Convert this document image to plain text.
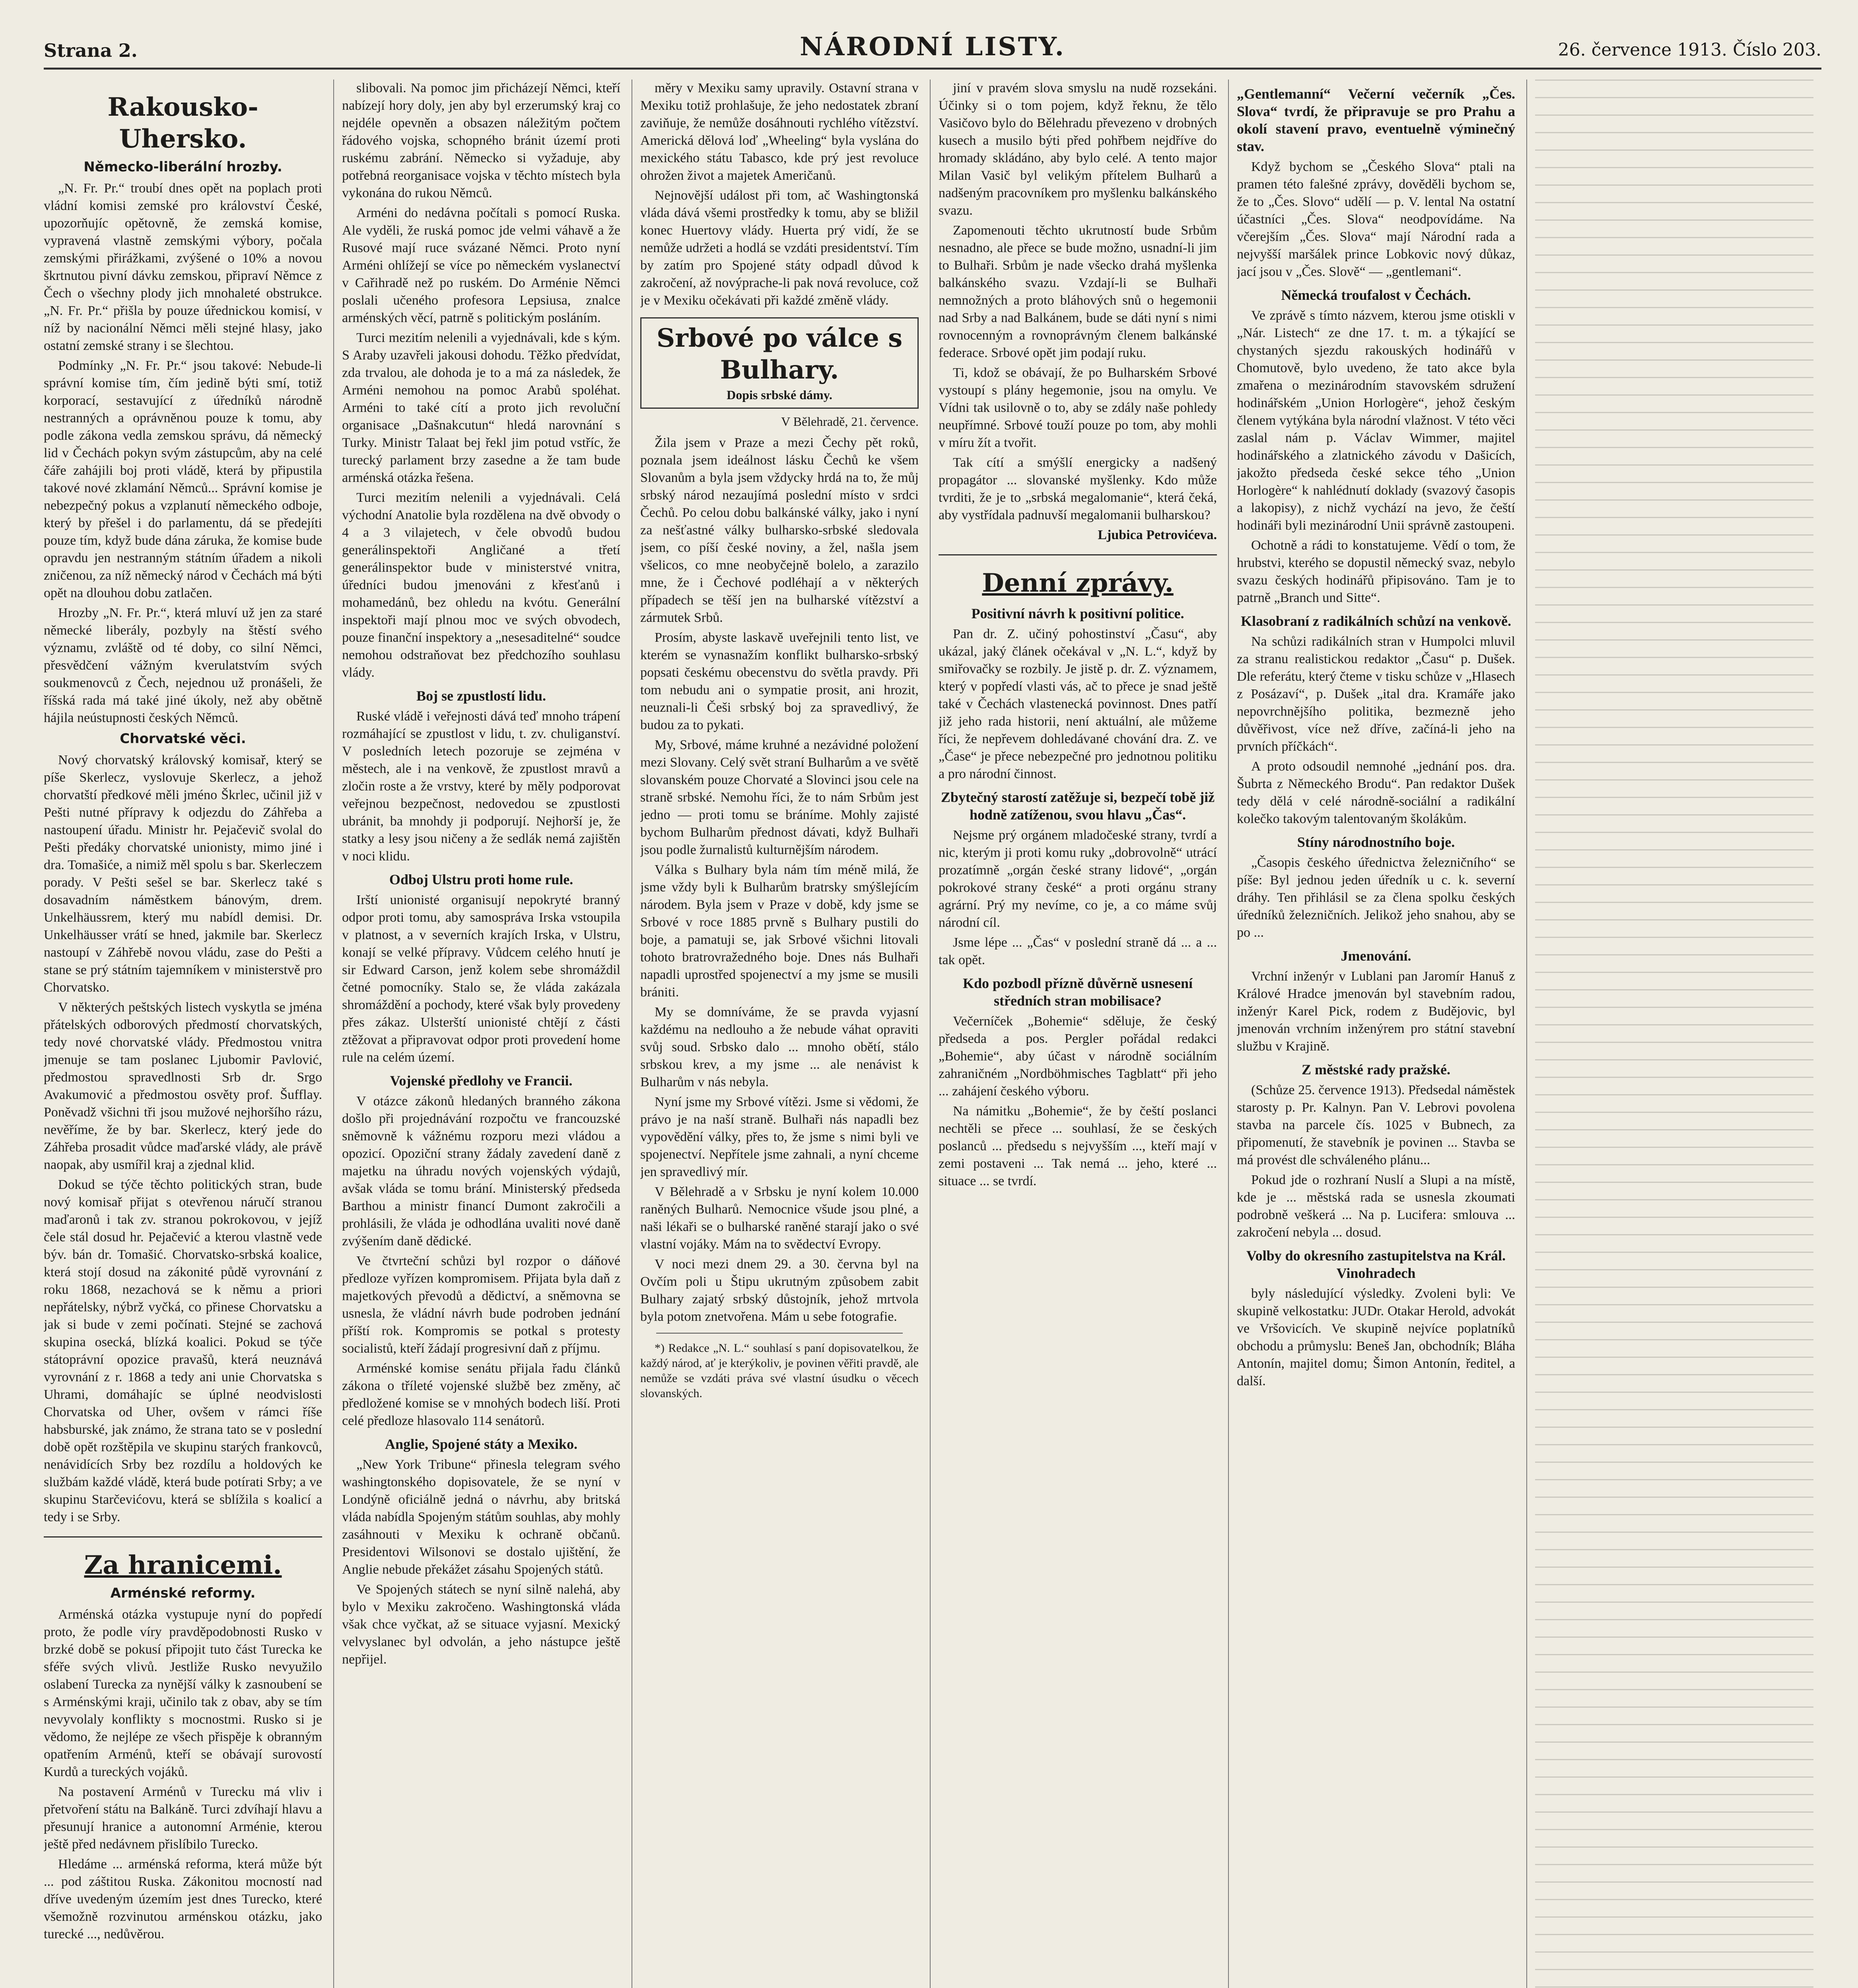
Strana 2.	NÁRODNÍ LISTY.	26. července 1913. Číslo 203.
Rakousko-Uhersko.
Německo-liberální hrozby.

„N. Fr. Pr.“ troubí dnes opět na poplach proti vládní komisi zemské pro království České, upozorňujíc opětovně, že zemská komise, vypravená vlastně zemskými výbory, počala zemskými přirážkami, zvýšené o 10% a novou škrtnutou pivní dávku zemskou, připraví Němce z Čech o všechny plody jich mnohaleté obstrukce. „N. Fr. Pr.“ přišla by pouze úřednickou komisí, v níž by nacionální Němci měli stejné hlasy, jako ostatní zemské strany i se šlechtou.

Podmínky „N. Fr. Pr.“ jsou takové: Nebude-li správní komise tím, čím jedině býti smí, totiž korporací, sestavující z úředníků národně nestranných a oprávněnou pouze k tomu, aby podle zákona vedla zemskou správu, dá německý lid v Čechách pokyn svým zástupcům, aby na celé čáře zahájili boj proti vládě, která by připustila takové nové zklamání Němců... Správní komise je nebezpečný pokus a vzplanutí německého odboje, který by přešel i do parlamentu, dá se předejíti pouze tím, když bude dána záruka, že komise bude opravdu jen nestranným státním úřadem a nikoli zničenou, za níž německý národ v Čechách má býti opět na dlouhou dobu zatlačen.

Hrozby „N. Fr. Pr.“, která mluví už jen za staré německé liberály, pozbyly na štěstí svého významu, zvláště od té doby, co silní Němci, přesvědčení vážným kverulatstvím svých soukmenovců z Čech, nejednou už pronášeli, že říšská rada má také jiné úkoly, než aby obětně hájila neústupnosti českých Němců.

Chorvatské věci.

Nový chorvatský královský komisař, který se píše Skerlecz, vyslovuje Skerlecz, a jehož chorvatští předkové měli jméno Škrlec, učinil již v Pešti nutné přípravy k odjezdu do Záhřeba a nastoupení úřadu. Ministr hr. Pejačevič svolal do Pešti předáky chorvatské unionisty, mimo jiné i dra. Tomašiće, a nimiž měl spolu s bar. Skerleczem porady. V Pešti sešel se bar. Skerlecz také s dosavadním náměstkem bánovým, drem. Unkelhäussrem, který mu nabídl demisi. Dr. Unkelhäusser vrátí se hned, jakmile bar. Skerlecz nastoupí v Záhřebě novou vládu, zase do Pešti a stane se prý státním tajemníkem v ministerstvě pro Chorvatsko.

V některých peštských listech vyskytla se jména přátelských odborových předmostí chorvatských, tedy nové chorvatské vlády. Předmostou vnitra jmenuje se tam poslanec Ljubomir Pavlović, předmostou spravedlnosti Srb dr. Srgo Avakumović a předmostou osvěty prof. Šufflay. Poněvadž všichni tři jsou mužové nejhoršího rázu, nevěříme, že by bar. Skerlecz, který jede do Záhřeba prosadit vůdce maďarské vlády, ale právě naopak, aby usmířil kraj a zjednal klid.

Dokud se týče těchto politických stran, bude nový komisař přijat s otevřenou náručí stranou maďaronů i tak zv. stranou pokrokovou, v jejíž čele stál dosud hr. Pejačević a kterou vlastně vede býv. bán dr. Tomašić. Chorvatsko-srbská koalice, která stojí dosud na zákonité půdě vyrovnání z roku 1868, nezachová se k němu a priori nepřátelsky, nýbrž vyčká, co přinese Chorvatsku a jak si bude v zemi počínati. Stejné se zachová skupina osecká, blízká koalici. Pokud se týče státoprávní opozice pravašů, která neuznává vyrovnání z r. 1868 a tedy ani unie Chorvatska s Uhrami, domáhajíc se úplné neodvislosti Chorvatska od Uher, ovšem v rámci říše habsburské, jak známo, že strana tato se v poslední době opět rozštěpila ve skupinu starých frankovců, nenávidících Srby bez rozdílu a holdových ke službám každé vládě, která bude potírati Srby; a ve skupinu Starčevićovu, která se sblížila s koalicí a tedy i se Srby.

Za hranicemi.
Arménské reformy.

Arménská otázka vystupuje nyní do popředí proto, že podle víry pravděpodobnosti Rusko v brzké době se pokusí připojit tuto část Turecka ke sféře svých vlivů. Jestliže Rusko nevyužilo oslabení Turecka za nynější války k zasnoubení se s Arménskými kraji, učinilo tak z obav, aby se tím nevyvolaly konflikty s mocnostmi. Rusko si je vědomo, že nejlépe ze všech přispěje k obranným opatřením Arménů, kteří se obávají surovostí Kurdů a tureckých vojáků.

Na postavení Arménů v Turecku má vliv i přetvoření státu na Balkáně. Turci zdvíhají hlavu a přesunují hranice a autonomní Arménie, kterou ještě před nedávnem přislíbilo Turecko.

Hledáme ... arménská reforma, která může být ... pod záštitou Ruska. Zákonitou mocností nad dříve uvedeným územím jest dnes Turecko, které všemožně rozvinutou arménskou otázku, jako turecké ..., nedůvěrou.

slibovali. Na pomoc jim přicházejí Němci, kteří nabízejí hory doly, jen aby byl erzerumský kraj co nejdéle opevněn a obsazen náležitým počtem řádového vojska, schopného bránit území proti ruskému zabrání. Německo si vyžaduje, aby potřebná reorganisace vojska v těchto místech byla vykonána do rukou Němců.

Arméni do nedávna počítali s pomocí Ruska. Ale vyděli, že ruská pomoc jde velmi váhavě a že Rusové mají ruce svázané Němci. Proto nyní Arméni ohlížejí se více po německém vyslanectví v Cařihradě než po ruském. Do Arménie Němci poslali učeného profesora Lepsiusa, znalce arménských věcí, patrně s politickým posláním.

Turci mezitím nelenili a vyjednávali, kde s kým. S Araby uzavřeli jakousi dohodu. Těžko předvídat, zda trvalou, ale dohoda je to a má za následek, že Arméni nemohou na pomoc Arabů spoléhat. Arméni to také cítí a proto jich revoluční organisace „Dašnakcutun“ hledá narovnání s Turky. Ministr Talaat bej řekl jim potud vstříc, že turecký parlament brzy zasedne a že tam bude arménská otázka řešena.

Turci mezitím nelenili a vyjednávali. Celá východní Anatolie byla rozdělena na dvě obvody o 4 a 3 vilajetech, v čele obvodů budou generálinspektoři Angličané a třetí generálinspektor bude v ministerstvé vnitra, úředníci budou jmenováni z křesťanů i mohamedánů, bez ohledu na kvótu. Generální inspektoři mají plnou moc ve svých obvodech, pouze finanční inspektory a „nesesaditelné“ soudce nemohou odstraňovat bez předchozího souhlasu vlády.

Boj se zpustlostí lidu.

Ruské vládě i veřejnosti dává teď mnoho trápení rozmáhající se zpustlost v lidu, t. zv. chuliganství. V posledních letech pozoruje se zejména v městech, ale i na venkově, že zpustlost mravů a zločin roste a že vrstvy, které by měly podporovat veřejnou bezpečnost, nedovedou se zpustlosti ubránit, ba mnohdy ji podporují. Nejhorší je, že statky a lesy jsou ničeny a že sedlák nemá zajištěn v noci klidu.

Odboj Ulstru proti home rule.

Irští unionisté organisují nepokryté branný odpor proti tomu, aby samospráva Irska vstoupila v platnost, a v severních krajích Irska, v Ulstru, konají se velké přípravy. Vůdcem celého hnutí je sir Edward Carson, jenž kolem sebe shromáždil četné pomocníky. Stalo se, že vláda zakázala shromáždění a pochody, které však byly provedeny přes zákaz. Ulsterští unionisté chtějí z části ztěžovat a připravovat odpor proti provedení home rule na celém území.

Vojenské předlohy ve Francii.

V otázce zákonů hledaných branného zákona došlo při projednávání rozpočtu ve francouzské sněmovně k vážnému rozporu mezi vládou a opozicí. Opoziční strany žádaly zavedení daně z majetku na úhradu nových vojenských výdajů, avšak vláda se tomu brání. Ministerský předseda Barthou a ministr financí Dumont zakročili a prohlásili, že vláda je odhodlána uvaliti nové daně zvýšením daně dědické.

Ve čtvrteční schůzi byl rozpor o dáňové předloze vyřízen kompromisem. Přijata byla daň z majetkových převodů a dědictví, a sněmovna se usnesla, že vládní návrh bude podroben jednání příští rok. Kompromis se potkal s protesty socialistů, kteří žádají progresivní daň z příjmu.

Arménské komise senátu přijala řadu článků zákona o tříleté vojenské službě bez změny, ač předložené komise se v mnohých bodech liší. Proti celé předloze hlasovalo 114 senátorů.

Anglie, Spojené státy a Mexiko.

„New York Tribune“ přinesla telegram svého washingtonského dopisovatele, že se nyní v Londýně oficiálně jedná o návrhu, aby britská vláda nabídla Spojeným státům souhlas, aby mohly zasáhnouti v Mexiku k ochraně občanů. Presidentovi Wilsonovi se dostalo ujištění, že Anglie nebude překážet zásahu Spojených států.

Ve Spojených státech se nyní silně nalehá, aby bylo v Mexiku zakročeno. Washingtonská vláda však chce vyčkat, až se situace vyjasní. Mexický velvyslanec byl odvolán, a jeho nástupce ještě nepřijel.

měry v Mexiku samy upravily. Ostavní strana v Mexiku totiž prohlašuje, že jeho nedostatek zbraní zaviňuje, že nemůže dosáhnouti rychlého vítězství. Americká dělová loď „Wheeling“ byla vyslána do mexického státu Tabasco, kde prý jest revoluce ohrožen život a majetek Američanů.

Nejnovější událost při tom, ač Washingtonská vláda dává všemi prostředky k tomu, aby se bližil konec Huertovy vlády. Huerta prý vidí, že se nemůže udržeti a hodlá se vzdáti presidentství. Tím by zatím pro Spojené státy odpadl důvod k zakročení, až novýprache-li pak nová revoluce, což je v Mexiku očekávati při každé změně vlády.

Srbové po válce s Bulhary.
Dopis srbské dámy.
V Bělehradě, 21. července.

Žila jsem v Praze a mezi Čechy pět roků, poznala jsem ideálnost lásku Čechů ke všem Slovanům a byla jsem vždycky hrdá na to, že můj srbský národ nezaujímá poslední místo v srdci Čechů. Po celou dobu balkánské války, jako i nyní za nešťastné války bulharsko-srbské sledovala jsem, co píší české noviny, a žel, našla jsem všelicos, co mne neobyčejně bolelo, a zarazilo mne, že i Čechové podléhají a v některých případech se těší jen na bulharské vítězství a zármutek Srbů.

Prosím, abyste laskavě uveřejnili tento list, ve kterém se vynasnažím konflikt bulharsko-srbský popsati českému obecenstvu do světla pravdy. Při tom nebudu ani o sympatie prosit, ani hrozit, neuznali-li Češi srbský boj za spravedlivý, že budou za to pykati.

My, Srbové, máme kruhné a nezávidné položení mezi Slovany. Celý svět straní Bulharům a ve světě slovanském pouze Chorvaté a Slovinci jsou cele na straně srbské. Nemohu říci, že to nám Srbům jest jedno — proti tomu se bráníme. Mohly zajisté bychom Bulharům přednost dávati, když Bulhaři jsou podle žurnalistů kulturnějším národem.

Válka s Bulhary byla nám tím méně milá, že jsme vždy byli k Bulharům bratrsky smýšlejícím národem. Byla jsem v Praze v době, kdy jsme se Srbové v roce 1885 prvně s Bulhary pustili do boje, a pamatuji se, jak Srbové všichni litovali tohoto bratrovražedného boje. Dnes nás Bulhaři napadli uprostřed spojenectví a my jsme se musili brániti.

My se domníváme, že se pravda vyjasní každému na nedlouho a že nebude váhat opraviti svůj soud. Srbsko dalo ... mnoho obětí, stálo srbskou krev, a my jsme ... ale nenávist k Bulharům v nás nebyla.

Nyní jsme my Srbové vítězi. Jsme si vědomi, že právo je na naší straně. Bulhaři nás napadli bez vypovědění války, přes to, že jsme s nimi byli ve spojenectví. Nepřítele jsme zahnali, a nyní chceme jen spravedlivý mír.

V Bělehradě a v Srbsku je nyní kolem 10.000 raněných Bulharů. Nemocnice všude jsou plné, a naši lékaři se o bulharské raněné starají jako o své vlastní vojáky. Mám na to svědectví Evropy.

V noci mezi dnem 29. a 30. června byl na Ovčím poli u Štipu ukrutným způsobem zabit Bulhary zajatý srbský důstojník, jehož mrtvola byla potom znetvořena. Mám u sebe fotografie.

*) Redakce „N. L.“ souhlasí s paní dopisovatelkou, že každý národ, ať je kterýkoliv, je povinen věřiti pravdě, ale nemůže se vzdáti práva své vlastní úsudku o věcech slovanských.

jiní v pravém slova smyslu na nudě rozsekáni. Účinky si o tom pojem, když řeknu, že tělo Vasičovo bylo do Bělehradu převezeno v drobných kusech a musilo býti před pohřbem nejdříve do hromady skládáno, aby bylo celé. A tento major Milan Vasič byl velikým přítelem Bulharů a nadšeným pracovníkem pro myšlenku balkánského svazu.

Zapomenouti těchto ukrutností bude Srbům nesnadno, ale přece se bude možno, usnadní-li jim to Bulhaři. Srbům je nade všecko drahá myšlenka balkánského svazu. Vzdají-li se Bulhaři nemnožných a proto bláhových snů o hegemonii nad Srby a nad Balkánem, bude se dáti nyní s nimi rovnocenným a rovnoprávným členem balkánské federace. Srbové opět jim podají ruku.

Ti, kdož se obávají, že po Bulharském Srbové vystoupí s plány hegemonie, jsou na omylu. Ve Vídni tak usilovně o to, aby se zdály naše pohledy neupřímné. Srbové touží pouze po tom, aby mohli v míru žít a tvořit.

Tak cítí a smýšlí energicky a nadšený propagátor ... slovanské myšlenky. Kdo může tvrditi, že je to „srbská megalomanie“, která čeká, aby vystřídala padnuvší megalomanii bulharskou?

Ljubica Petrovićeva.
Denní zprávy.
Positivní návrh k positivní politice.

Pan dr. Z. učiný pohostinství „Času“, aby ukázal, jaký článek očekával v „N. L.“, když by smiřovačky se rozbily. Je jistě p. dr. Z. významem, který v popředí vlasti vás, ač to přece je snad ještě také v Čechách vlastenecká povinnost. Dnes patří již jeho rada historii, není aktuální, ale můžeme říci, že nepřevem dohledávané chování dra. Z. ve „Čase“ je přece nebezpečné pro jednotnou politiku a pro národní činnost.

Zbytečný starostí zatěžuje si, bezpečí tobě již hodně zatíženou, svou hlavu „Čas“.

Nejsme prý orgánem mladočeské strany, tvrdí a nic, kterým ji proti komu ruky „dobrovolně“ utrácí prozatímně „orgán české strany lidové“, „orgán pokrokové strany české“ a proti orgánu strany agrární. Prý my nevíme, co je, a co máme svůj národní cíl.

Jsme lépe ... „Čas“ v poslední straně dá ... a ... tak opět.

Kdo pozbodl přízně důvěrně usnesení středních stran mobilisace?

Večerníček „Bohemie“ sděluje, že český předseda a pos. Pergler pořádal redakci „Bohemie“, aby účast v národně sociálním zahraničném „Nordböhmisches Tagblatt“ při jeho ... zahájení českého výboru.

Na námitku „Bohemie“, že by čeští poslanci nechtěli se přece ... souhlasí, že se českých poslanců ... předsedu s nejvyšším ..., kteří mají v zemi postaveni ... Tak nemá ... jeho, které ... situace ... se tvrdí.

„Gentlemanní“ Večerní večerník „Čes. Slova“ tvrdí, že připravuje se pro Prahu a okolí stavení pravo, eventuelně výminečný stav.

Když bychom se „Českého Slova“ ptali na pramen této falešné zprávy, dověděli bychom se, že to „Čes. Slovo“ udělí — p. V. lental Na ostatní účastníci „Čes. Slova“ neodpovídáme. Na včerejším „Čes. Slova“ mají Národní rada a nejvyšší maršálek prince Lobkovic nový důkaz, jací jsou v „Čes. Slově“ — „gentlemani“.

Německá troufalost v Čechách.

Ve zprávě s tímto názvem, kterou jsme otiskli v „Nár. Listech“ ze dne 17. t. m. a týkající se chystaných sjezdu rakouských hodinářů v Chomutově, bylo uvedeno, že tato akce byla zmařena o mezinárodním stavovském sdružení hodinářském „Union Horlogère“, jehož českým členem vytýkána byla národní vlažnost. V této věci zaslal nám p. Václav Wimmer, majitel hodinářského a zlatnického závodu v Dašicích, jakožto předseda české sekce tého „Union Horlogère“ k nahlédnutí doklady (svazový časopis a lakopisy), z nichž vychází na jevo, že čeští hodináři byli mezinárodní Unii správně zastoupeni.

Ochotně a rádi to konstatujeme. Vědí o tom, že hrubstvi, kterého se dopustil německý svaz, nebylo svazu českých hodinářů připisováno. Tam je to patrně „Branch und Sitte“.

Klasobraní z radikálních schůzí na venkově.

Na schůzi radikálních stran v Humpolci mluvil za stranu realistickou redaktor „Času“ p. Dušek. Dle referátu, který čteme v tisku schůze v „Hlasech z Posázaví“, p. Dušek „ital dra. Kramáře jako nepovrchnějšího politika, bezmezně jeho důvěřivost, více než dříve, začíná-li jeho na prvních příčkách“.

A proto odsoudil nemnohé „jednání pos. dra. Šubrta z Německého Brodu“. Pan redaktor Dušek tedy dělá v celé národně-sociální a radikální kolečko takovým talentovaným školákům.

Stíny národnostního boje.

„Časopis českého úřednictva železničního“ se píše: Byl jednou jeden úředník u c. k. severní dráhy. Ten přihlásil se za člena spolku českých úředníků železničních. Jelikož jeho snahou, aby se po ...

Jmenování.

Vrchní inženýr v Lublani pan Jaromír Hanuš z Králové Hradce jmenován byl stavebním radou, inženýr Karel Pick, rodem z Budějovic, byl jmenován vrchním inženýrem pro státní stavební službu v Krajině.

Z městské rady pražské.

(Schůze 25. července 1913). Předsedal náměstek starosty p. Pr. Kalnyn. Pan V. Lebrovi povolena stavba na parcele čís. 1025 v Bubnech, za připomenutí, že stavebník je povinen ... Stavba se má provést dle schváleného plánu...

Pokud jde o rozhraní Nuslí a Slupi a na místě, kde je ... městská rada se usnesla zkoumati podrobně veškerá ... Na p. Lucifera: smlouva ... zakročení nebyla ... dosud.

Volby do okresního zastupitelstva na Král. Vinohradech

byly následující výsledky. Zvoleni byli: Ve skupině velkostatku: JUDr. Otakar Herold, advokát ve Vršovicích. Ve skupině nejvíce poplatníků obchodu a průmyslu: Beneš Jan, obchodník; Bláha Antonín, majitel domu; Šimon Antonín, ředitel, a další.
